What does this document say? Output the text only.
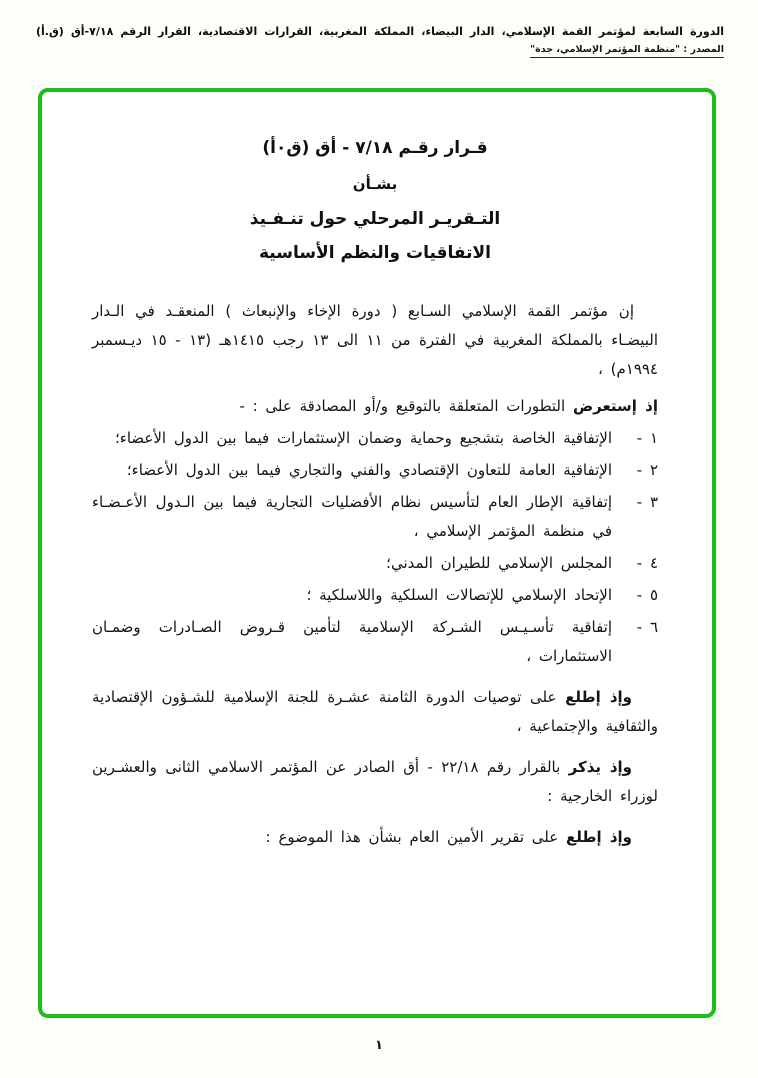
الدورة السابعة لمؤتمر القمة الإسلامي، الدار البيضاء، المملكة المغربية، القرارات الاقتصادية، القرار الرقم ٧/١٨-أق (ق.أ)
المصدر : "منظمة المؤتمر الإسلامي، جدة"
قـرار رقـم ٧/١٨ - أق (ق٠أ)
بشـأن
التـقريـر المرحلي حول تنـفـيذ
الاتفاقيات والنظم الأساسية

إن مؤتمر القمة الإسلامي السـابع ( دورة الإخاء والإنبعاث ) المنعقـد في الـدار البيضـاء بالمملكة المغربية في الفترة من ١١ الى ١٣ رجب ١٤١٥هـ (١٣ - ١٥ ديـسمبر ١٩٩٤م) ،

إذ إستعرض التطورات المتعلقة بالتوقيع و/أو المصادقة على : -

١ -
الإتفاقية الخاصة بتشجيع وحماية وضمان الإستثمارات فيما بين الدول الأعضاء؛
٢ -
الإتفاقية العامة للتعاون الإقتصادي والفني والتجاري فيما بين الدول الأعضاء؛
٣ -
إتفاقية الإطار العام لتأسيس نظام الأفضليات التجارية فيما بين الـدول الأعـضـاء في منظمة المؤتمر الإسلامي ،
٤ -
المجلس الإسلامي للطيران المدني؛
٥ -
الإتحاد الإسلامي للإتصالات السلكية واللاسلكية ؛
٦ -
إتفاقية تأسـيـس الشـركة الإسلامية لتأمين قـروض الصـادرات وضمـان الاستثمارات ،

وإذ إطلع على توصيات الدورة الثامنة عشـرة للجنة الإسلامية للشـؤون الإقتصادية والثقافية والإجتماعية ،

وإذ يذكر بالقرار رقم ٢٢/١٨ - أق الصادر عن المؤتمر الاسلامي الثانى والعشـرين لوزراء الخارجية :

وإذ إطلع على تقرير الأمين العام بشأن هذا الموضوع :

١
